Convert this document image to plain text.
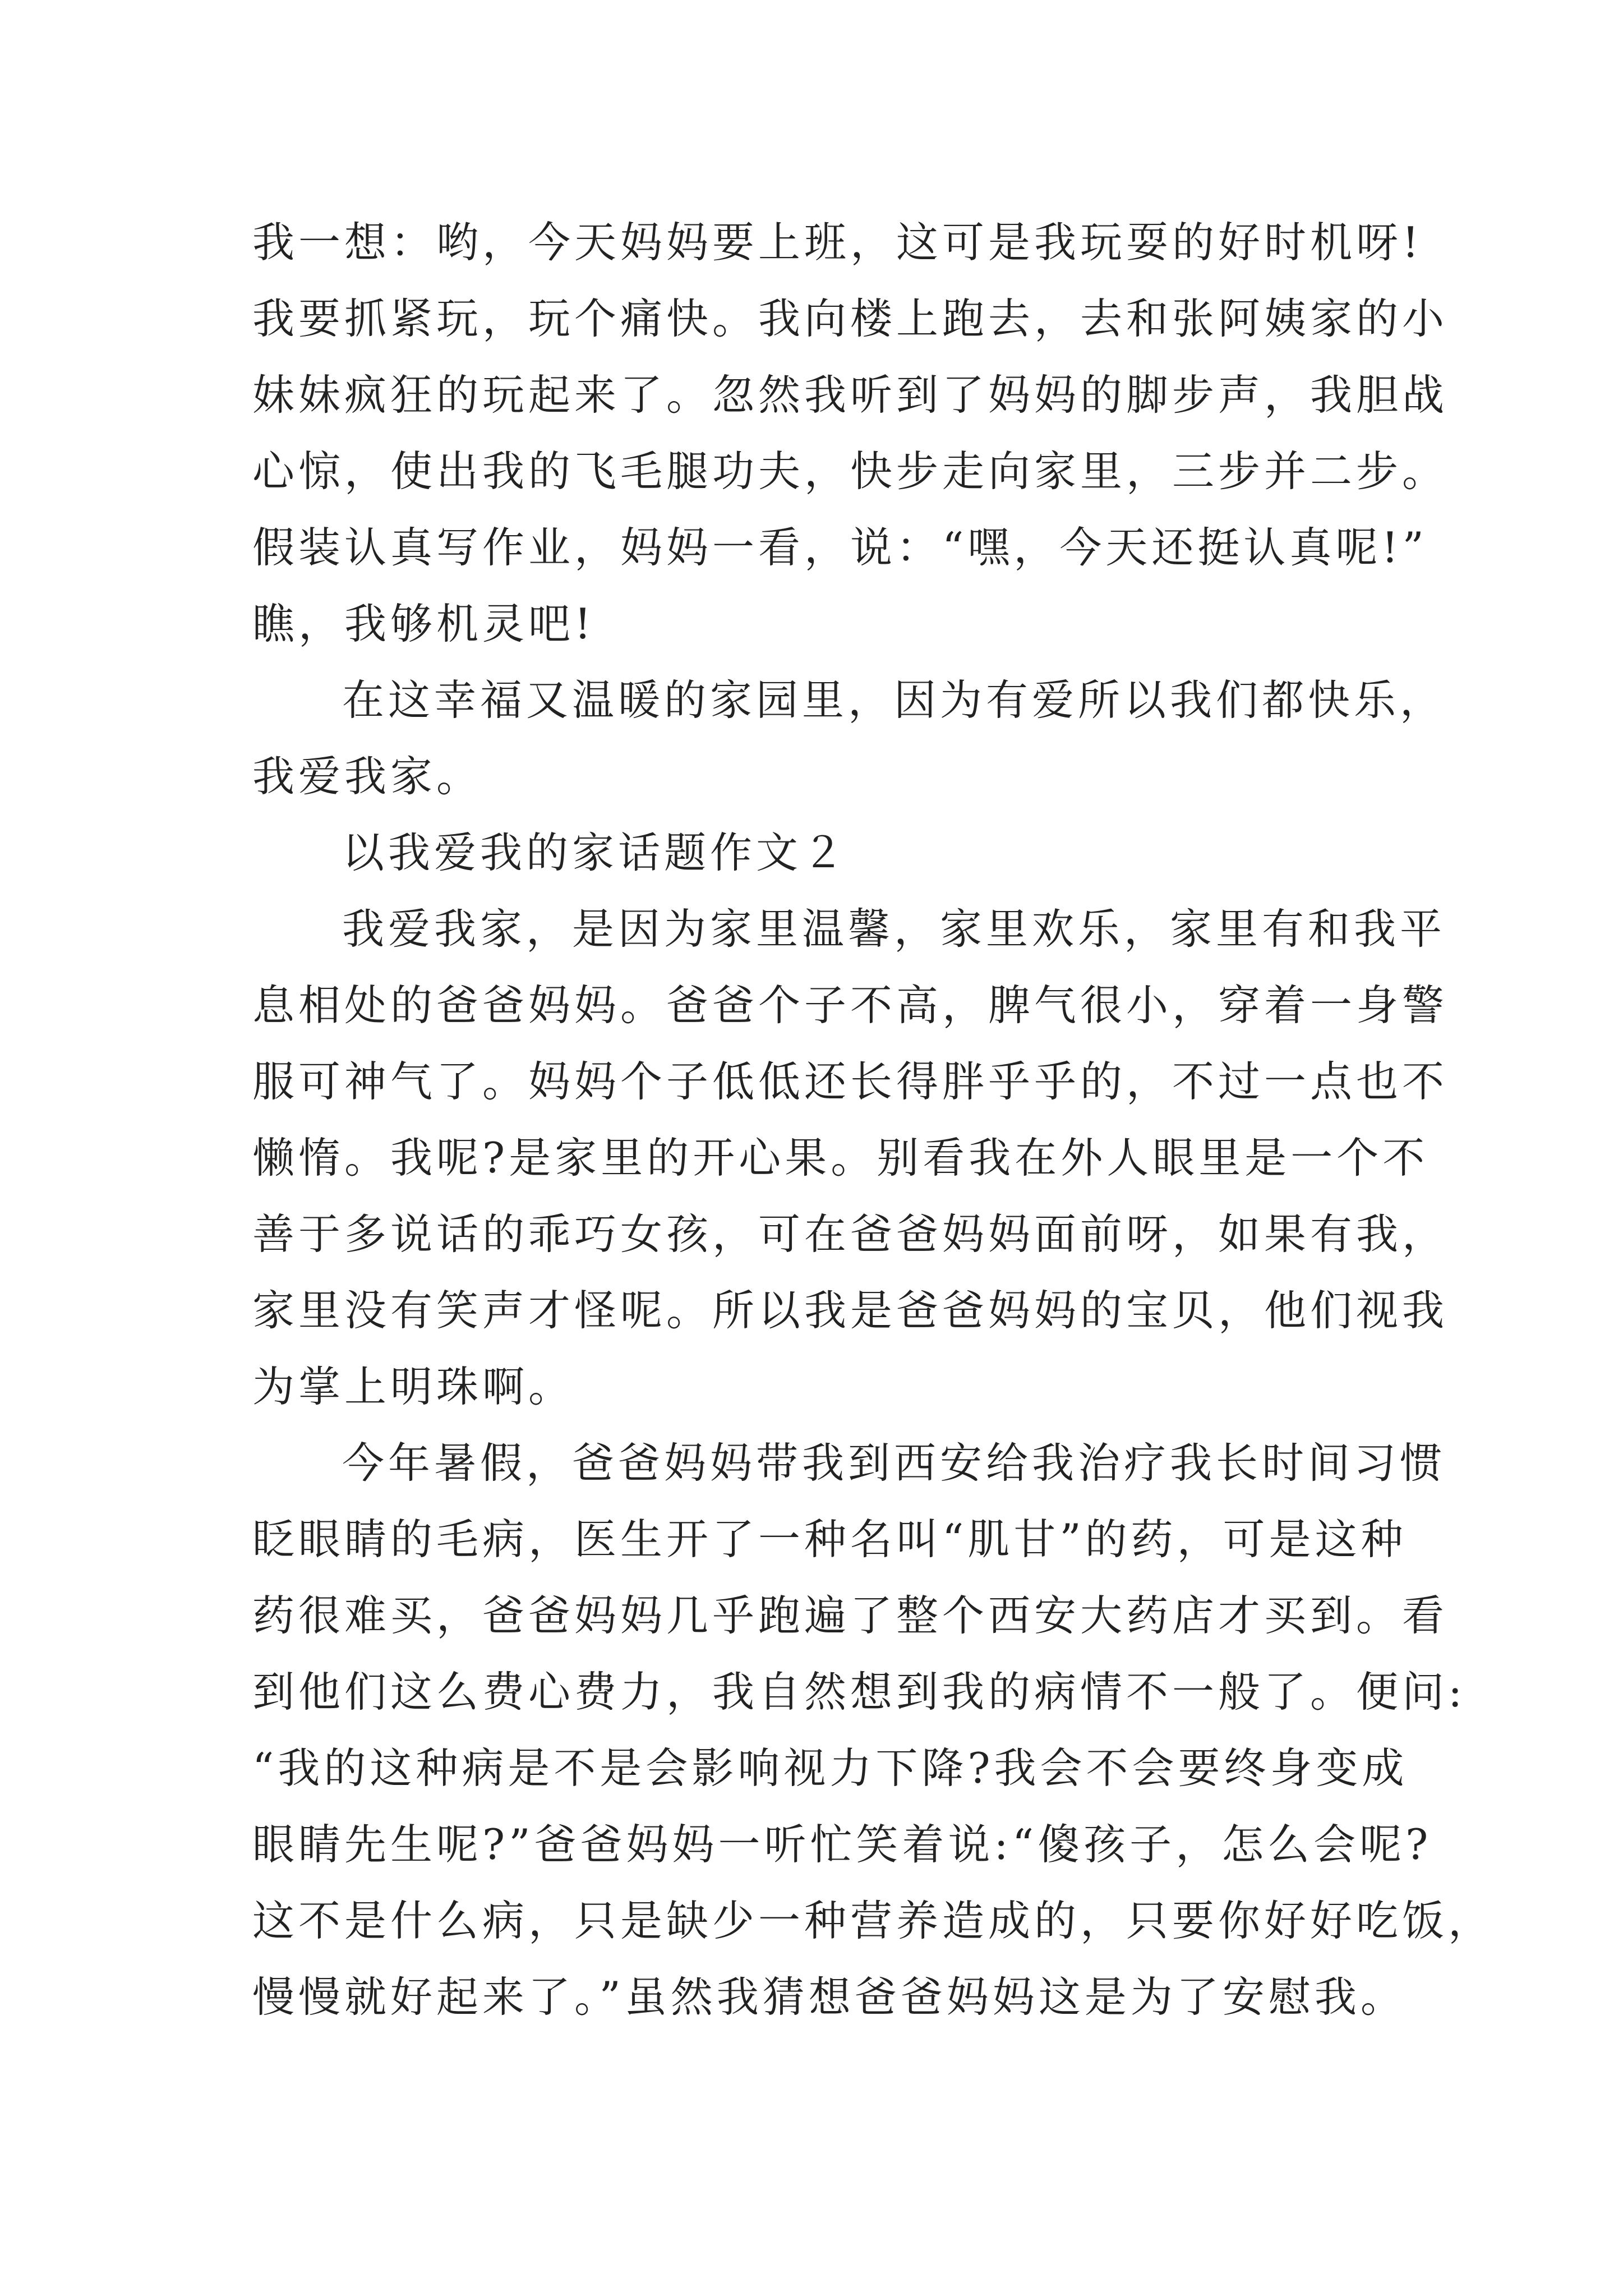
我一想：哟，今天妈妈要上班，这可是我玩耍的好时机呀!
我要抓紧玩，玩个痛快。我向楼上跑去，去和张阿姨家的小
妹妹疯狂的玩起来了。忽然我听到了妈妈的脚步声，我胆战
心惊，使出我的飞毛腿功夫，快步走向家里，三步并二步。
假装认真写作业，妈妈一看，说：“嘿，今天还挺认真呢!”
瞧，我够机灵吧!
在这幸福又温暖的家园里，因为有爱所以我们都快乐，
我爱我家。
以我爱我的家话题作文２
我爱我家，是因为家里温馨，家里欢乐，家里有和我平
息相处的爸爸妈妈。爸爸个子不高，脾气很小，穿着一身警
服可神气了。妈妈个子低低还长得胖乎乎的，不过一点也不
懒惰。我呢?是家里的开心果。别看我在外人眼里是一个不
善于多说话的乖巧女孩，可在爸爸妈妈面前呀，如果有我，
家里没有笑声才怪呢。所以我是爸爸妈妈的宝贝，他们视我
为掌上明珠啊。
今年暑假，爸爸妈妈带我到西安给我治疗我长时间习惯
眨眼睛的毛病，医生开了一种名叫“肌甘”的药，可是这种
药很难买，爸爸妈妈几乎跑遍了整个西安大药店才买到。看
到他们这么费心费力，我自然想到我的病情不一般了。便问:
“我的这种病是不是会影响视力下降?我会不会要终身变成
眼睛先生呢?”爸爸妈妈一听忙笑着说:“傻孩子，怎么会呢?
这不是什么病，只是缺少一种营养造成的，只要你好好吃饭，
慢慢就好起来了。”虽然我猜想爸爸妈妈这是为了安慰我。
